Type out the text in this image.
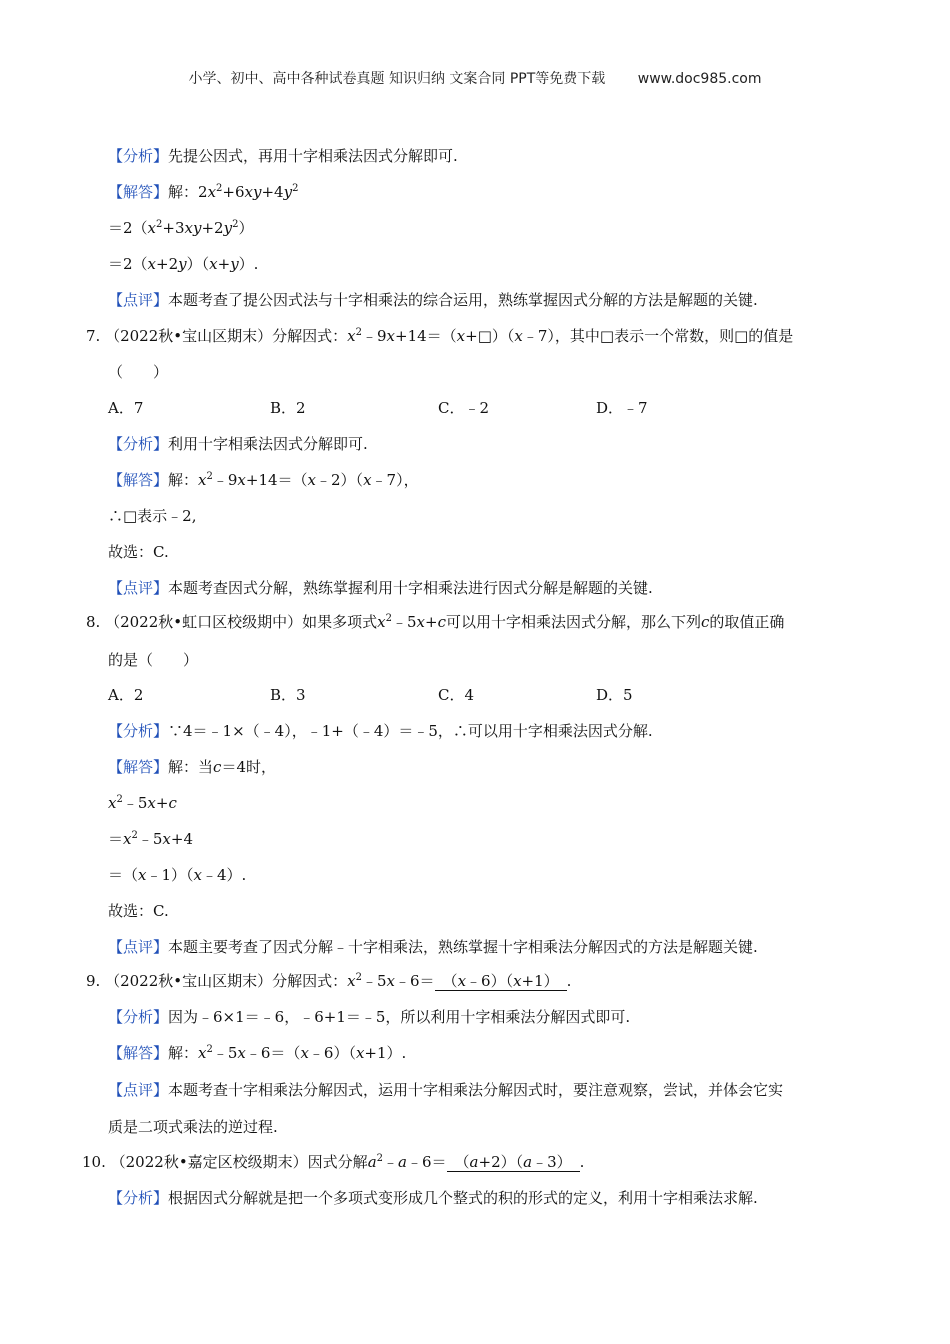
小学、初中、高中各种试卷真题 知识归纳 文案合同 PPT等免费下载 www.doc985.com
【分析】先提公因式，再用十字相乘法因式分解即可.
【解答】解：$2x^2+6xy+4y^2$
$=2(x^2+3xy+2y^2)$
＝2（x+2y）（x+y）.
【点评】本题考查了提公因式法与十字相乘法的综合运用，熟练掌握因式分解的方法是解题的关键.
7. （2022秋•宝山区期末）分解因式：$x^2﹣9x+14=(x+□)(x﹣7)$，其中□表示一个常数，则□的值是
（　　）
A．7	B．2	C．﹣2	D．﹣7
【分析】利用十字相乘法因式分解即可.
【解答】解：$x^2﹣9x+14=(x﹣2)(x﹣7)$，
∴□表示﹣2,
故选：C.
【点评】本题考查因式分解，熟练掌握利用十字相乘法进行因式分解是解题的关键.
8. （2022秋•虹口区校级期中）如果多项式$x^2﹣5x+c$可以用十字相乘法因式分解，那么下列c的取值正确
的是（　　）
A．2	B．3	C．4	D．5
【分析】∵4＝﹣1×（﹣4），﹣1+（﹣4）＝﹣5，∴可以用十字相乘法因式分解.
【解答】解：当c＝4时，
$x^2﹣5x+c$
$=x^2﹣5x+4$
＝（x﹣1）（x﹣4）.
故选：C.
【点评】本题主要考查了因式分解﹣十字相乘法，熟练掌握十字相乘法分解因式的方法是解题关键.
9. （2022秋•宝山区期末）分解因式：$x^2﹣5x﹣6=$ （x﹣6）（x+1） .
【分析】因为﹣6×1＝﹣6，﹣6+1＝﹣5，所以利用十字相乘法分解因式即可.
【解答】解：$x^2﹣5x﹣6=(x﹣6)(x+1)$.
【点评】本题考查十字相乘法分解因式，运用十字相乘法分解因式时，要注意观察，尝试，并体会它实
质是二项式乘法的逆过程.
10. （2022秋•嘉定区校级期末）因式分解$a^2﹣a﹣6=$ （a+2）（a﹣3） .
【分析】根据因式分解就是把一个多项式变形成几个整式的积的形式的定义，利用十字相乘法求解.
